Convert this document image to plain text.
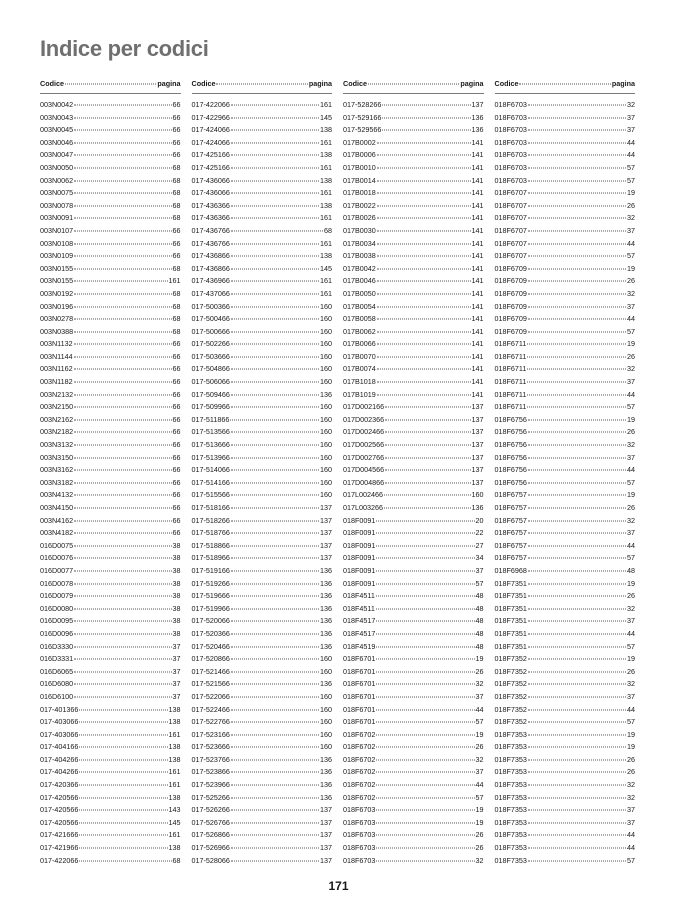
Indice per codici
Codice	pagina
003N0042	66
003N0043	66
003N0045	66
003N0046	66
003N0047	66
003N0050	68
003N0062	68
003N0075	68
003N0078	68
003N0091	68
003N0107	66
003N0108	66
003N0109	66
003N0155	68
003N0155	161
003N0192	68
003N0196	68
003N0278	68
003N0388	68
003N1132	66
003N1144	66
003N1162	66
003N1182	66
003N2132	66
003N2150	66
003N2162	66
003N2182	66
003N3132	66
003N3150	66
003N3162	66
003N3182	66
003N4132	66
003N4150	66
003N4162	66
003N4182	66
016D0075	38
016D0076	38
016D0077	38
016D0078	38
016D0079	38
016D0080	38
016D0095	38
016D0096	38
016D3330	37
016D3331	37
016D6065	37
016D6080	37
016D6100	37
017-401366	138
017-403066	138
017-403066	161
017-404166	138
017-404266	138
017-404266	161
017-420366	161
017-420566	138
017-420566	143
017-420566	145
017-421666	161
017-421966	138
017-422066	68
Codice	pagina
017-422066	161
017-422966	145
017-424066	138
017-424066	161
017-425166	138
017-425166	161
017-436066	138
017-436066	161
017-436366	138
017-436366	161
017-436766	68
017-436766	161
017-436866	138
017-436866	145
017-436966	161
017-437066	161
017-500366	160
017-500466	160
017-500666	160
017-502266	160
017-503666	160
017-504866	160
017-506066	160
017-509466	136
017-509966	160
017-511866	160
017-513566	160
017-513666	160
017-513966	160
017-514066	160
017-514166	160
017-515566	160
017-518166	137
017-518266	137
017-518766	137
017-518866	137
017-518966	137
017-519166	136
017-519266	136
017-519666	136
017-519966	136
017-520066	136
017-520366	136
017-520466	136
017-520866	160
017-521466	160
017-521566	136
017-522066	160
017-522466	160
017-522766	160
017-523166	160
017-523666	160
017-523766	136
017-523866	136
017-523966	136
017-525266	136
017-526266	137
017-526766	137
017-526866	137
017-526966	137
017-528066	137
Codice	pagina
017-528266	137
017-529166	136
017-529566	136
017B0002	141
017B0006	141
017B0010	141
017B0014	141
017B0018	141
017B0022	141
017B0026	141
017B0030	141
017B0034	141
017B0038	141
017B0042	141
017B0046	141
017B0050	141
017B0054	141
017B0058	141
017B0062	141
017B0066	141
017B0070	141
017B0074	141
017B1018	141
017B1019	141
017D002166	137
017D002366	137
017D002466	137
017D002566	137
017D002766	137
017D004566	137
017D004866	137
017L002466	160
017L003266	136
018F0091	20
018F0091	22
018F0091	27
018F0091	34
018F0091	37
018F0091	57
018F4511	48
018F4511	48
018F4517	48
018F4517	48
018F4519	48
018F6701	19
018F6701	26
018F6701	32
018F6701	37
018F6701	44
018F6701	57
018F6702	19
018F6702	26
018F6702	32
018F6702	37
018F6702	44
018F6702	57
018F6703	19
018F6703	19
018F6703	26
018F6703	26
018F6703	32
Codice	pagina
018F6703	32
018F6703	37
018F6703	37
018F6703	44
018F6703	44
018F6703	57
018F6703	57
018F6707	19
018F6707	26
018F6707	32
018F6707	37
018F6707	44
018F6707	57
018F6709	19
018F6709	26
018F6709	32
018F6709	37
018F6709	44
018F6709	57
018F6711	19
018F6711	26
018F6711	32
018F6711	37
018F6711	44
018F6711	57
018F6756	19
018F6756	26
018F6756	32
018F6756	37
018F6756	44
018F6756	57
018F6757	19
018F6757	26
018F6757	32
018F6757	37
018F6757	44
018F6757	57
018F6968	48
018F7351	19
018F7351	26
018F7351	32
018F7351	37
018F7351	44
018F7351	57
018F7352	19
018F7352	26
018F7352	32
018F7352	37
018F7352	44
018F7352	57
018F7353	19
018F7353	19
018F7353	26
018F7353	26
018F7353	32
018F7353	32
018F7353	37
018F7353	37
018F7353	44
018F7353	44
018F7353	57
171
